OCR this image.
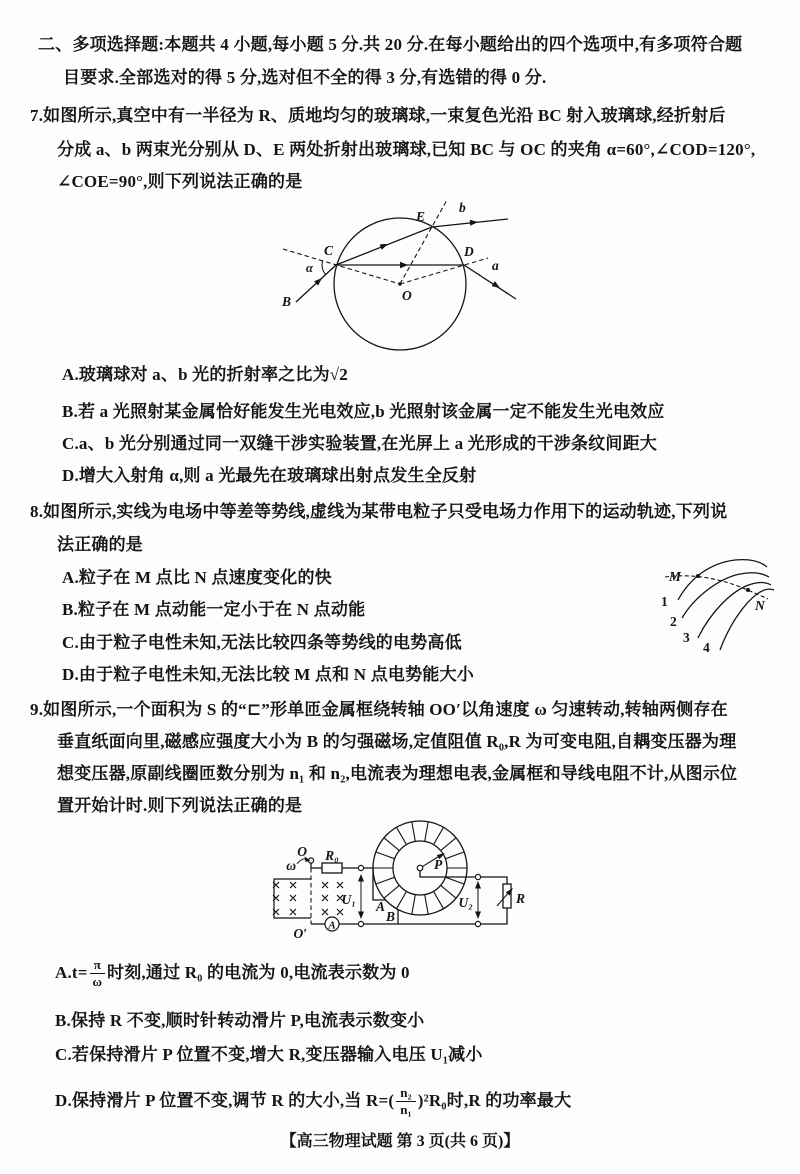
二、多项选择题:本题共 4 小题,每小题 5 分.共 20 分.在每小题给出的四个选项中,有多项符合题
目要求.全部选对的得 5 分,选对但不全的得 3 分,有选错的得 0 分.
7.如图所示,真空中有一半径为 R、质地均匀的玻璃球,一束复色光沿 BC 射入玻璃球,经折射后
分成 a、b 两束光分别从 D、E 两处折射出玻璃球,已知 BC 与 OC 的夹角 α=60°,∠COD=120°,
∠COE=90°,则下列说法正确的是
B
C	D
E
O
α	a
b
A.玻璃球对 a、b 光的折射率之比为√2
B.若 a 光照射某金属恰好能发生光电效应,b 光照射该金属一定不能发生光电效应
C.a、b 光分别通过同一双缝干涉实验装置,在光屏上 a 光形成的干涉条纹间距大
D.增大入射角 α,则 a 光最先在玻璃球出射点发生全反射
8.如图所示,实线为电场中等差等势线,虚线为某带电粒子只受电场力作用下的运动轨迹,下列说
法正确的是
A.粒子在 M 点比 N 点速度变化的快
B.粒子在 M 点动能一定小于在 N 点动能
C.由于粒子电性未知,无法比较四条等势线的电势高低
D.由于粒子电性未知,无法比较 M 点和 N 点电势能大小
M
N
1
2
3
4
9.如图所示,一个面积为 S 的“⊏”形单匝金属框绕转轴 OO′以角速度 ω 匀速转动,转轴两侧存在
垂直纸面向里,磁感应强度大小为 B 的匀强磁场,定值阻值 R₀,R 为可变电阻,自耦变压器为理
想变压器,原副线圈匝数分别为 n₁ 和 n₂,电流表为理想电表,金属框和导线电阻不计,从图示位
置开始计时.则下列说法正确的是
O
ω
R₀
U₁
O′
A
A
B
P
U₂	R
$A.t= \frac{\pi}{\omega}$ 时刻,通过 R₀ 的电流为 0,电流表示数为 0
B.保持 R 不变,顺时针转动滑片 P,电流表示数变小
C.若保持滑片 P 位置不变,增大 R,变压器输入电压 U₁减小
D.保持滑片 P 位置不变,调节 R 的大小,当 $R=( \frac{\text{n₂}}{\text{n₁}} )^2R_0$时,R 的功率最大
【高三物理试题 第 3 页(共 6 页)】
